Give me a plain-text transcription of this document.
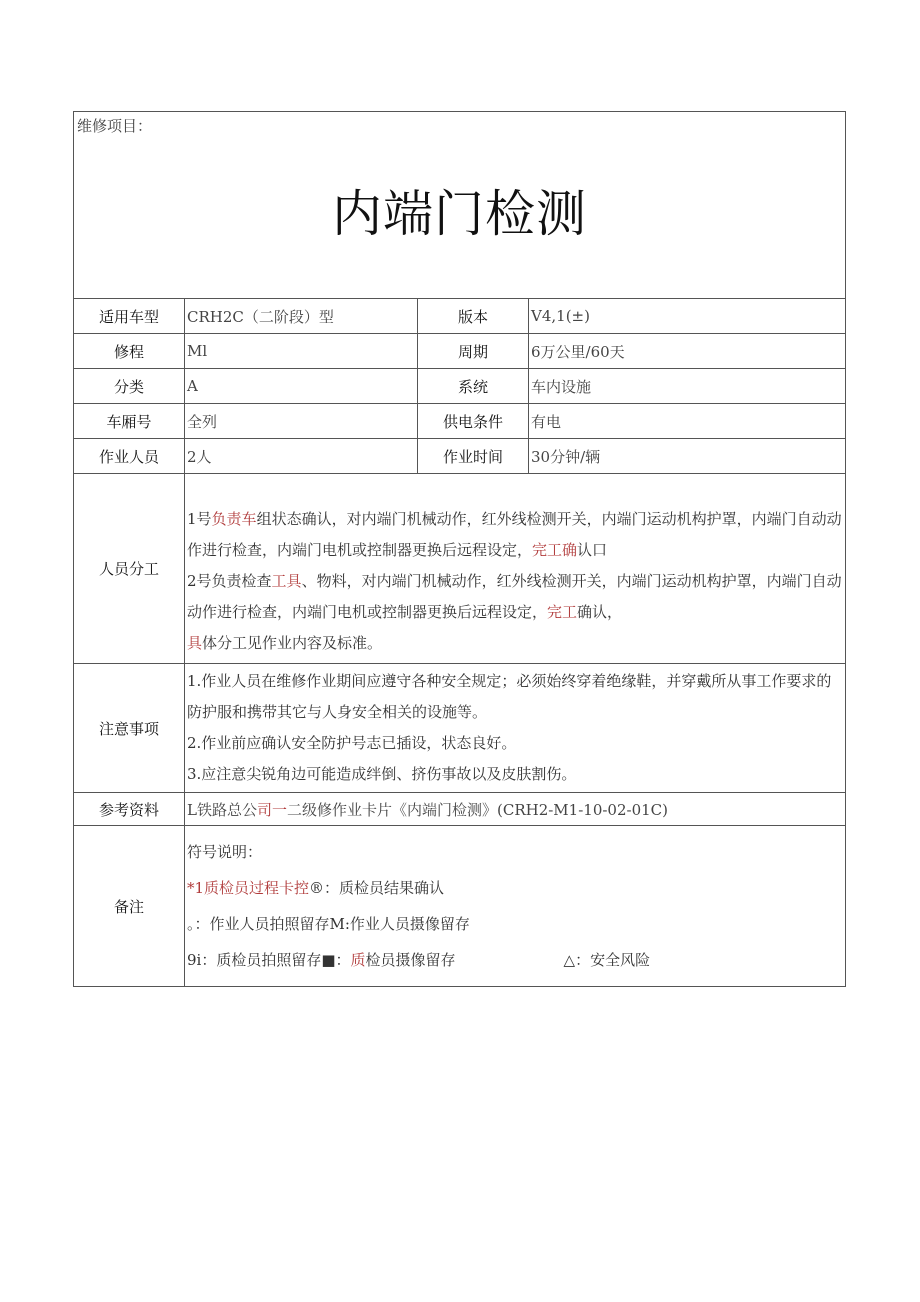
维修项目：
内端门检测			

适用车型	CRH2C（二阶段）型	版本	V4,1(±)
修程	Ml	周期	6万公里/60天
分类	A	系统	车内设施
车厢号	全列	供电条件	有电
作业人员	2人	作业时间	30分钟/辆
人员分工	1号负责车组状态确认，对内端门机械动作，红外线检测开关，内端门运动机构护罩，内端门自动动作进行检查，内端门电机或控制器更换后远程设定，完工确认口
2号负责检查工具、物料，对内端门机械动作，红外线检测开关，内端门运动机构护罩，内端门自动动作进行检查，内端门电机或控制器更换后远程设定，完工确认，
具体分工见作业内容及标准。		
注意事项	1.作业人员在维修作业期间应遵守各种安全规定；必须始终穿着绝缘鞋，并穿戴所从事工作要求的防护服和携带其它与人身安全相关的设施等。
2.作业前应确认安全防护号志已插设，状态良好。
3.应注意尖锐角边可能造成绊倒、挤伤事故以及皮肤割伤。		

参考资料	L铁路总公司一二级修作业卡片《内端门检测》(CRH2-M1-10-02-01C)		
备注	符号说明：

*1质检员过程卡控®：质检员结果确认

。：作业人员拍照留存M:作业人员摄像留存

9i：质检员拍照留存■：质检员摄像留存 △：安全风险		
